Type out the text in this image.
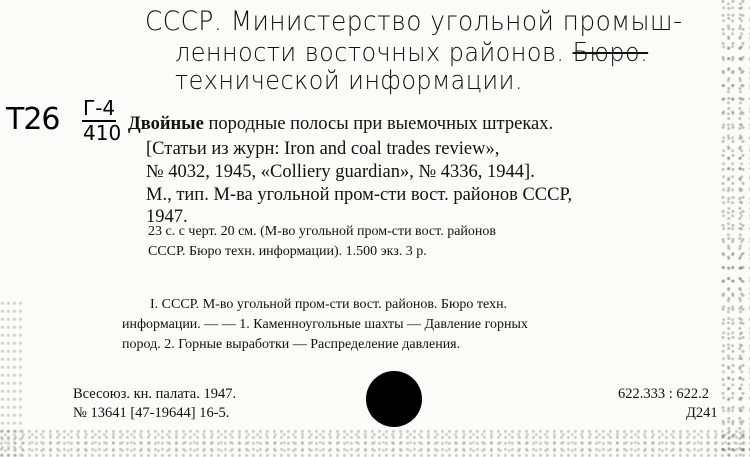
СССР. Министерство угольной промыш-
ленности восточных районов. Бюро.
технической информации.
Т26 Г-4
410 Двойные породные полосы при выемочных штреках.
[Статьи из журн: Iron and coal trades review»,
№ 4032, 1945, «Colliery guardian», № 4336, 1944].
М., тип. М-ва угольной пром-сти вост. районов СССР,
1947.
23 с. с черт. 20 см. (М-во угольной пром-сти вост. районов
СССР. Бюро техн. информации). 1.500 экз. 3 р.
I. СССР. М-во угольной пром-сти вост. районов. Бюро техн.
информации. — — 1. Каменноугольные шахты — Давление горных
пород. 2. Горные выработки — Распределение давления.
Всесоюз. кн. палата. 1947.
№ 13641 [47-19644] 16-5.
622.333 : 622.2
Д241
